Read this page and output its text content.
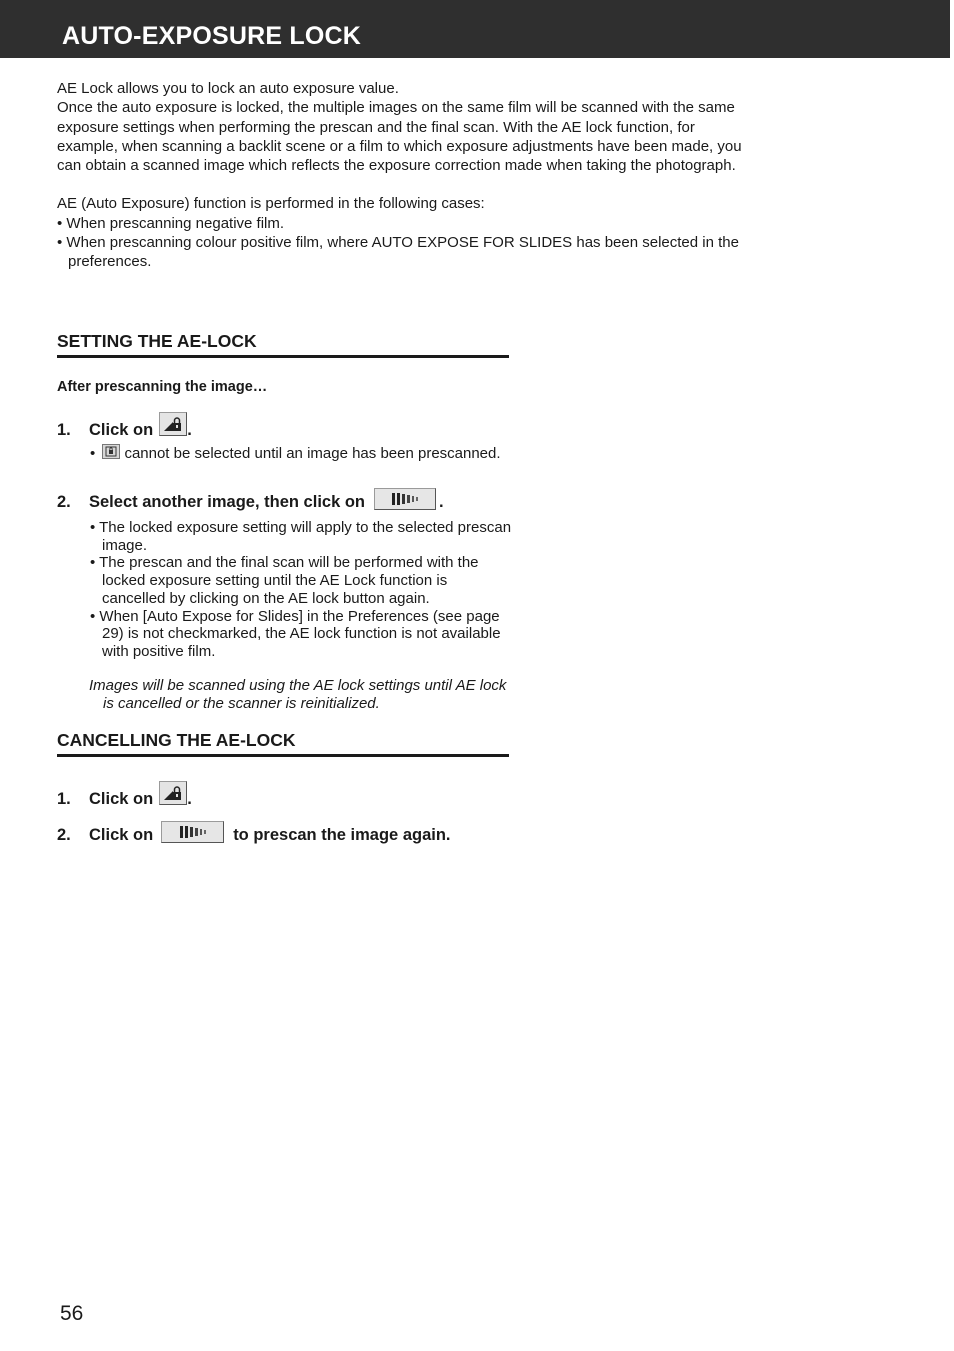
AUTO-EXPOSURE LOCK

AE Lock allows you to lock an auto exposure value.

Once the auto exposure is locked, the multiple images on the same film will be scanned with the same exposure settings when performing the prescan and the final scan. With the AE lock function, for example, when scanning a backlit scene or a film to which exposure adjustments have been made, you can obtain a scanned image which reflects the exposure correction made when taking the photograph.

AE (Auto Exposure) function is performed in the following cases:

• When prescanning negative film.

• When prescanning colour positive film, where AUTO EXPOSE FOR SLIDES has been selected in the preferences.

SETTING THE AE-LOCK
After prescanning the image…
1.	Click on .
• cannot be selected until an image has been prescanned.
2.	Select another image, then click on	.
• The locked exposure setting will apply to the selected prescan image.
• The prescan and the final scan will be performed with the locked exposure setting until the AE Lock function is cancelled by clicking on the AE lock button again.
• When [Auto Expose for Slides] in the Preferences (see page 29) is not checkmarked, the AE lock function is not available with positive film.
Images will be scanned using the AE lock settings until AE lock is cancelled or the scanner is reinitialized.
CANCELLING THE AE-LOCK
1.	Click on .
2.	Click on	to prescan the image again.
56
